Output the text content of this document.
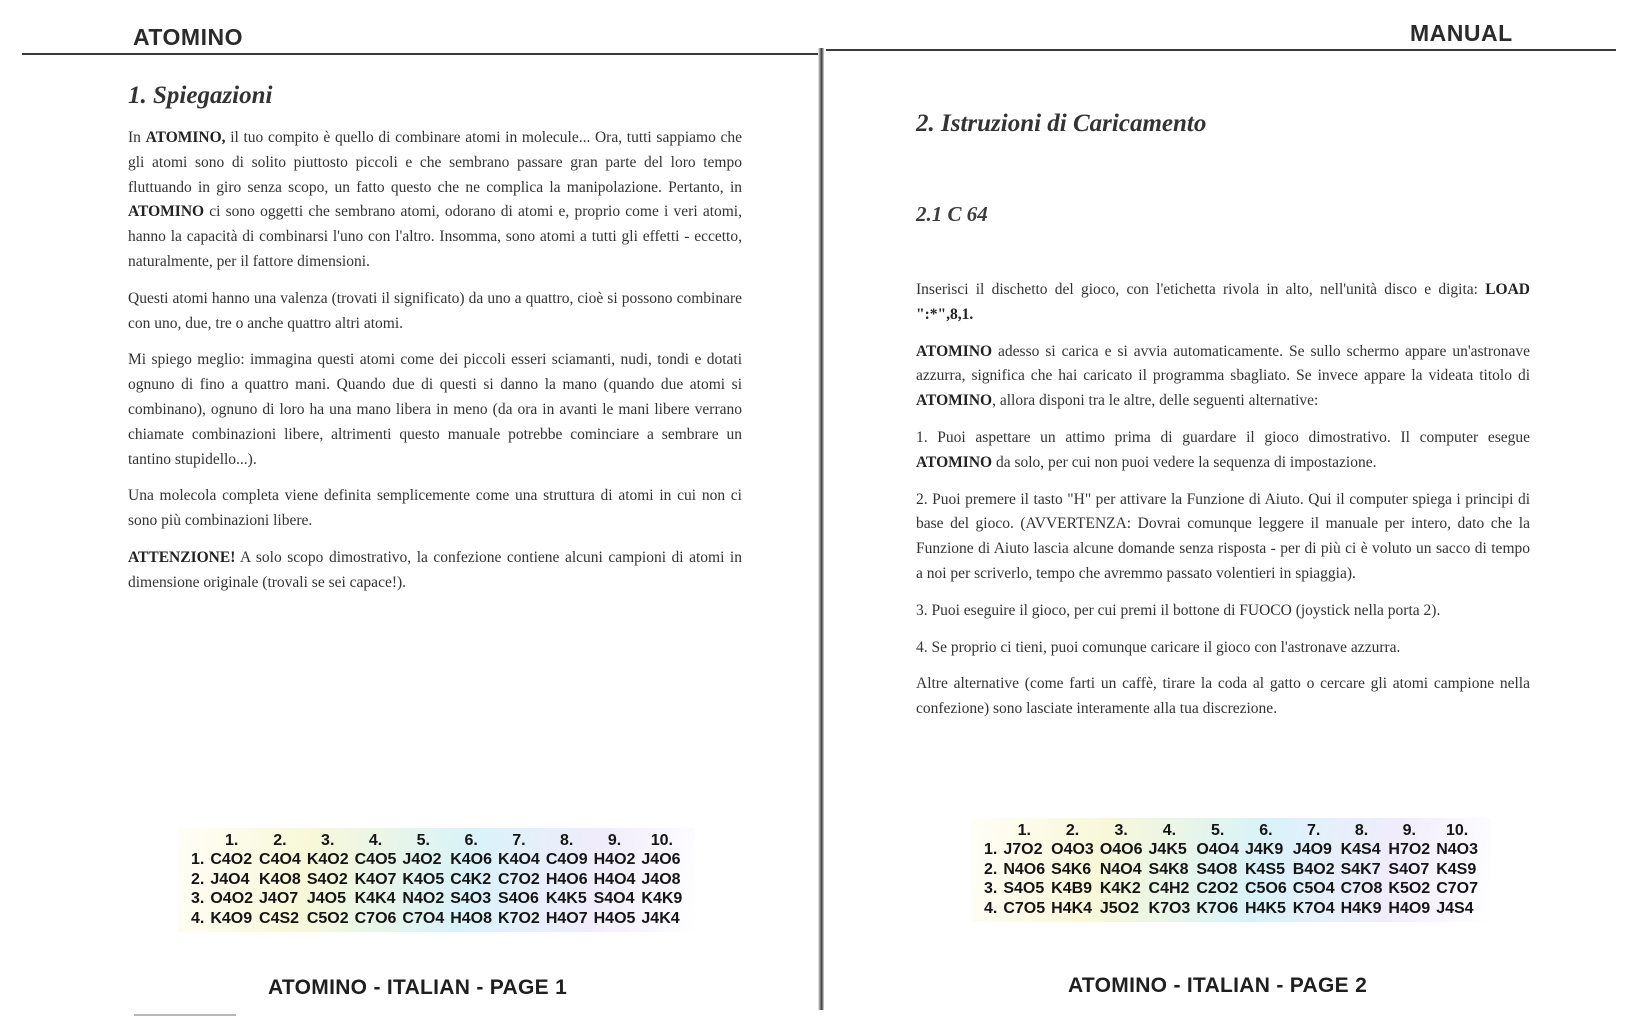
ATOMINO
1. Spiegazioni

In ATOMINO, il tuo compito è quello di combinare atomi in molecule... Ora, tutti sappiamo che gli atomi sono di solito piuttosto piccoli e che sembrano passare gran parte del loro tempo fluttuando in giro senza scopo, un fatto questo che ne complica la manipolazione. Pertanto, in ATOMINO ci sono oggetti che sembrano atomi, odorano di atomi e, proprio come i veri atomi, hanno la capacità di combinarsi l'uno con l'altro. Insomma, sono atomi a tutti gli effetti - eccetto, naturalmente, per il fattore dimensioni.

Questi atomi hanno una valenza (trovati il significato) da uno a quattro, cioè si possono combinare con uno, due, tre o anche quattro altri atomi.

Mi spiego meglio: immagina questi atomi come dei piccoli esseri sciamanti, nudi, tondi e dotati ognuno di fino a quattro mani. Quando due di questi si danno la mano (quando due atomi si combinano), ognuno di loro ha una mano libera in meno (da ora in avanti le mani libere verrano chiamate combinazioni libere, altrimenti questo manuale potrebbe cominciare a sembrare un tantino stupidello...).

Una molecola completa viene definita semplicemente come una struttura di atomi in cui non ci sono più combinazioni libere.

ATTENZIONE! A solo scopo dimostrativo, la confezione contiene alcuni campioni di atomi in dimensione originale (trovali se sei capace!).

	1.	2.	3.	4.	5.	6.	7.	8.	9.	10.
1.	C4O2	C4O4	K4O2	C4O5	J4O2	K4O6	K4O4	C4O9	H4O2	J4O6
2.	J4O4	K4O8	S4O2	K4O7	K4O5	C4K2	C7O2	H4O6	H4O4	J4O8
3.	O4O2	J4O7	J4O5	K4K4	N4O2	S4O3	S4O6	K4K5	S4O4	K4K9
4.	K4O9	C4S2	C5O2	C7O6	C7O4	H4O8	K7O2	H4O7	H4O5	J4K4
ATOMINO - ITALIAN - PAGE 1
MANUAL
2. Istruzioni di Caricamento
2.1 C 64

Inserisci il dischetto del gioco, con l'etichetta rivola in alto, nell'unità disco e digita: LOAD ":*",8,1.

ATOMINO adesso si carica e si avvia automaticamente. Se sullo schermo appare un'astronave azzurra, significa che hai caricato il programma sbagliato. Se invece appare la videata titolo di ATOMINO, allora disponi tra le altre, delle seguenti alternative:

1. Puoi aspettare un attimo prima di guardare il gioco dimostrativo. Il computer esegue ATOMINO da solo, per cui non puoi vedere la sequenza di impostazione.

2. Puoi premere il tasto "H" per attivare la Funzione di Aiuto. Qui il computer spiega i principi di base del gioco. (AVVERTENZA: Dovrai comunque leggere il manuale per intero, dato che la Funzione di Aiuto lascia alcune domande senza risposta - per di più ci è voluto un sacco di tempo a noi per scriverlo, tempo che avremmo passato volentieri in spiaggia).

3. Puoi eseguire il gioco, per cui premi il bottone di FUOCO (joystick nella porta 2).

4. Se proprio ci tieni, puoi comunque caricare il gioco con l'astronave azzurra.

Altre alternative (come farti un caffè, tirare la coda al gatto o cercare gli atomi campione nella confezione) sono lasciate interamente alla tua discrezione.

	1.	2.	3.	4.	5.	6.	7.	8.	9.	10.
1.	J7O2	O4O3	O4O6	J4K5	O4O4	J4K9	J4O9	K4S4	H7O2	N4O3
2.	N4O6	S4K6	N4O4	S4K8	S4O8	K4S5	B4O2	S4K7	S4O7	K4S9
3.	S4O5	K4B9	K4K2	C4H2	C2O2	C5O6	C5O4	C7O8	K5O2	C7O7
4.	C7O5	H4K4	J5O2	K7O3	K7O6	H4K5	K7O4	H4K9	H4O9	J4S4
ATOMINO - ITALIAN - PAGE 2
